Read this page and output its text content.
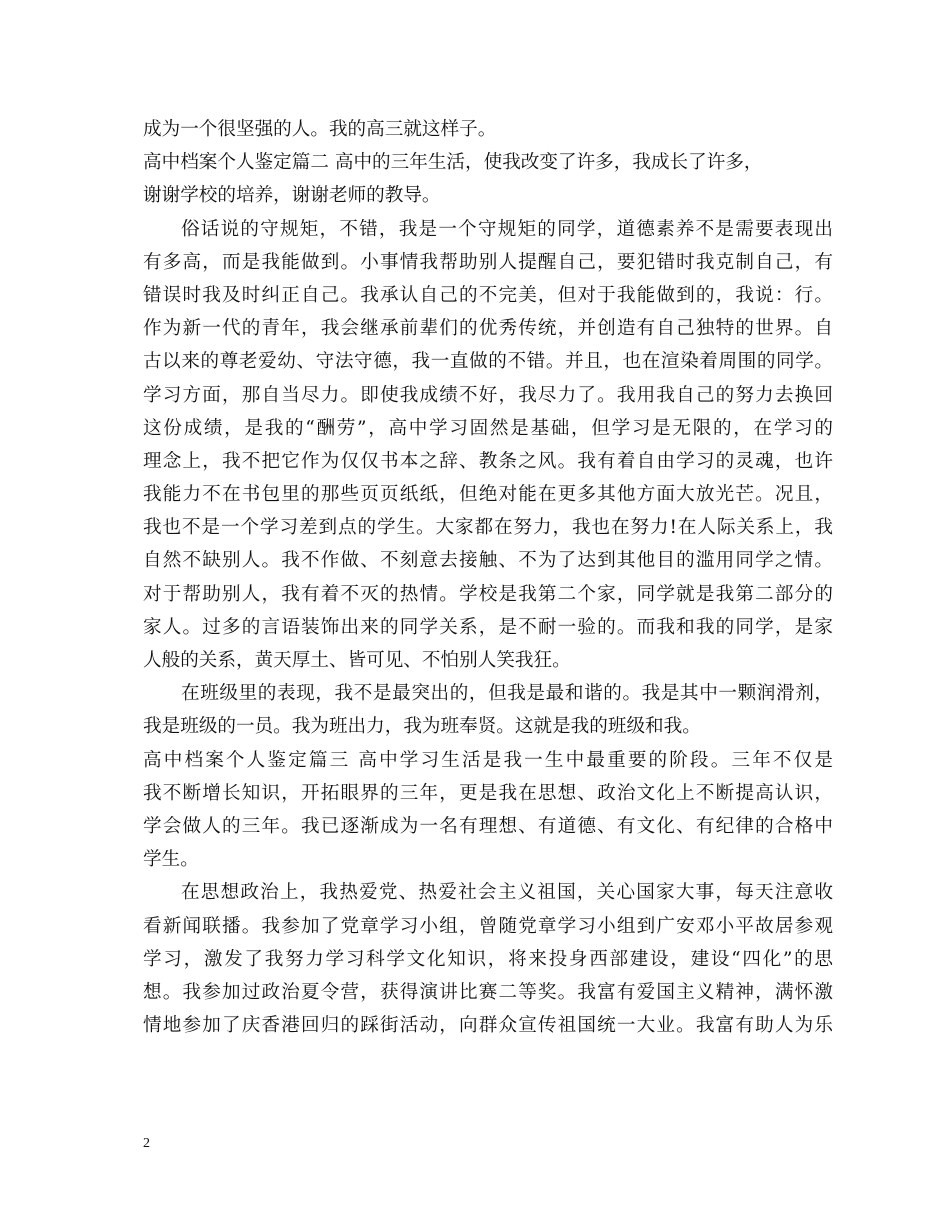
成为一个很坚强的人。我的高三就这样子。
高中档案个人鉴定篇二 高中的三年生活，使我改变了许多，我成长了许多，
谢谢学校的培养，谢谢老师的教导。
俗话说的守规矩，不错，我是一个守规矩的同学，道德素养不是需要表现出
有多高，而是我能做到。小事情我帮助别人提醒自己，要犯错时我克制自己，有
错误时我及时纠正自己。我承认自己的不完美，但对于我能做到的，我说：行。
作为新一代的青年，我会继承前辈们的优秀传统，并创造有自己独特的世界。自
古以来的尊老爱幼、守法守德，我一直做的不错。并且，也在渲染着周围的同学。
学习方面，那自当尽力。即使我成绩不好，我尽力了。我用我自己的努力去换回
这份成绩，是我的“酬劳”，高中学习固然是基础，但学习是无限的，在学习的
理念上，我不把它作为仅仅书本之辞、教条之风。我有着自由学习的灵魂，也许
我能力不在书包里的那些页页纸纸，但绝对能在更多其他方面大放光芒。况且，
我也不是一个学习差到点的学生。大家都在努力，我也在努力!在人际关系上，我
自然不缺别人。我不作做、不刻意去接触、不为了达到其他目的滥用同学之情。
对于帮助别人，我有着不灭的热情。学校是我第二个家，同学就是我第二部分的
家人。过多的言语装饰出来的同学关系，是不耐一验的。而我和我的同学，是家
人般的关系，黄天厚土、皆可见、不怕别人笑我狂。
在班级里的表现，我不是最突出的，但我是最和谐的。我是其中一颗润滑剂，
我是班级的一员。我为班出力，我为班奉贤。这就是我的班级和我。
高中档案个人鉴定篇三 高中学习生活是我一生中最重要的阶段。三年不仅是
我不断增长知识，开拓眼界的三年，更是我在思想、政治文化上不断提高认识，
学会做人的三年。我已逐渐成为一名有理想、有道德、有文化、有纪律的合格中
学生。
在思想政治上，我热爱党、热爱社会主义祖国，关心国家大事，每天注意收
看新闻联播。我参加了党章学习小组，曾随党章学习小组到广安邓小平故居参观
学习，激发了我努力学习科学文化知识，将来投身西部建设，建设“四化”的思
想。我参加过政治夏令营，获得演讲比赛二等奖。我富有爱国主义精神，满怀激
情地参加了庆香港回归的踩街活动，向群众宣传祖国统一大业。我富有助人为乐
2
